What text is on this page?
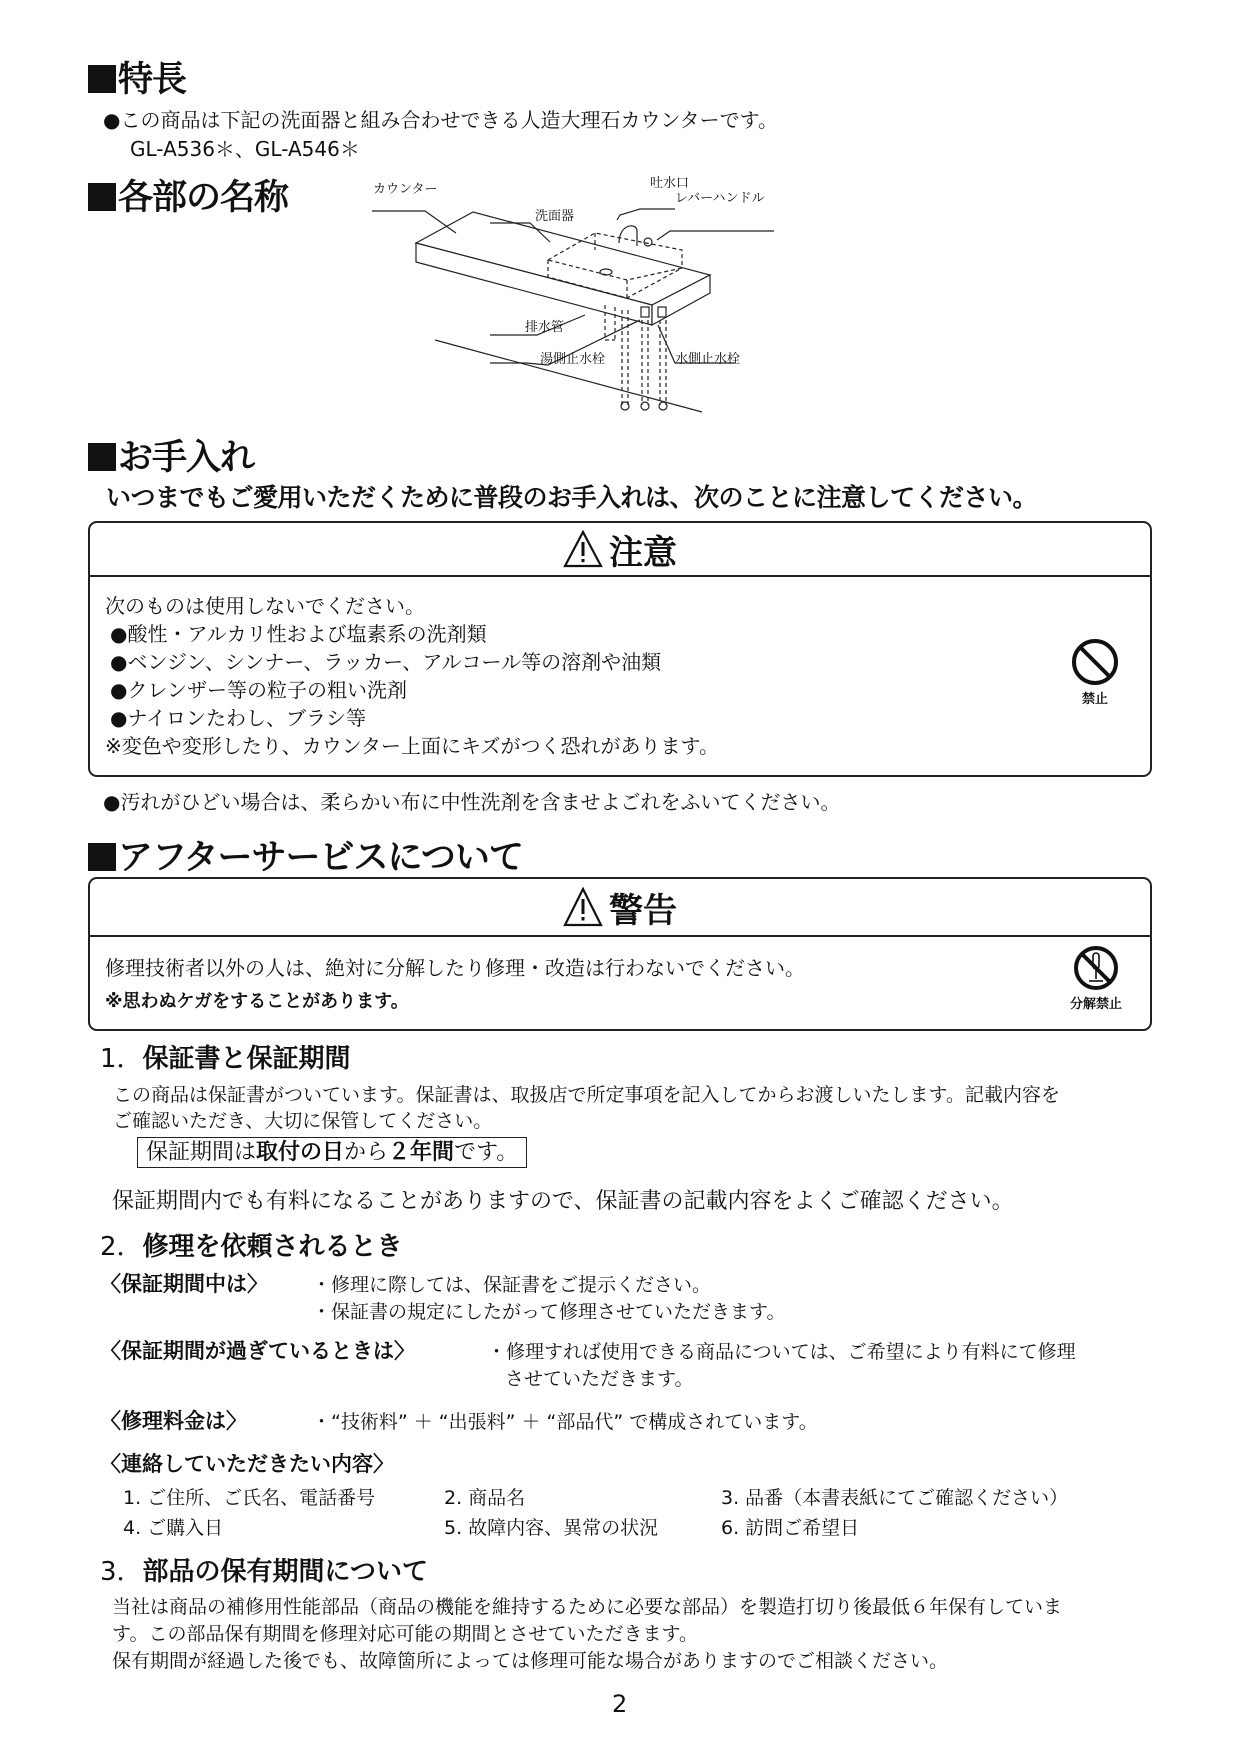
特長
●この商品は下記の洗面器と組み合わせできる人造大理石カウンターです。
GL-A536＊、GL-A546＊
各部の名称	カウンター
洗面器
吐水口
レバーハンドル
排水管
湯側止水栓	水側止水栓
お手入れ
いつまでもご愛用いただくために普段のお手入れは、次のことに注意してください。
注意
次のものは使用しないでください。
●酸性・アルカリ性および塩素系の洗剤類
●ベンジン、シンナー、ラッカー、アルコール等の溶剤や油類
●クレンザー等の粒子の粗い洗剤
●ナイロンたわし、ブラシ等
※変色や変形したり、カウンター上面にキズがつく恐れがあります。
禁止
●汚れがひどい場合は、柔らかい布に中性洗剤を含ませよごれをふいてください。
アフターサービスについて
警告
修理技術者以外の人は、絶対に分解したり修理・改造は行わないでください。
※思わぬケガをすることがあります。	分解禁止
1．保証書と保証期間
この商品は保証書がついています。保証書は、取扱店で所定事項を記入してからお渡しいたします。記載内容を
ご確認いただき、大切に保管してください。
保証期間は取付の日から２年間です。
保証期間内でも有料になることがありますので、保証書の記載内容をよくご確認ください。
2．修理を依頼されるとき
〈保証期間中は〉 ・修理に際しては、保証書をご提示ください。
・保証書の規定にしたがって修理させていただきます。
〈保証期間が過ぎているときは〉	・修理すれば使用できる商品については、ご希望により有料にて修理
させていただきます。
〈修理料金は〉	・“技術料” ＋ “出張料” ＋ “部品代” で構成されています。
〈連絡していただきたい内容〉
1. ご住所、ご氏名、電話番号	2. 商品名	3. 品番（本書表紙にてご確認ください）
4. ご購入日	5. 故障内容、異常の状況	6. 訪問ご希望日
3．部品の保有期間について
当社は商品の補修用性能部品（商品の機能を維持するために必要な部品）を製造打切り後最低６年保有していま
す。この部品保有期間を修理対応可能の期間とさせていただきます。
保有期間が経過した後でも、故障箇所によっては修理可能な場合がありますのでご相談ください。
2
